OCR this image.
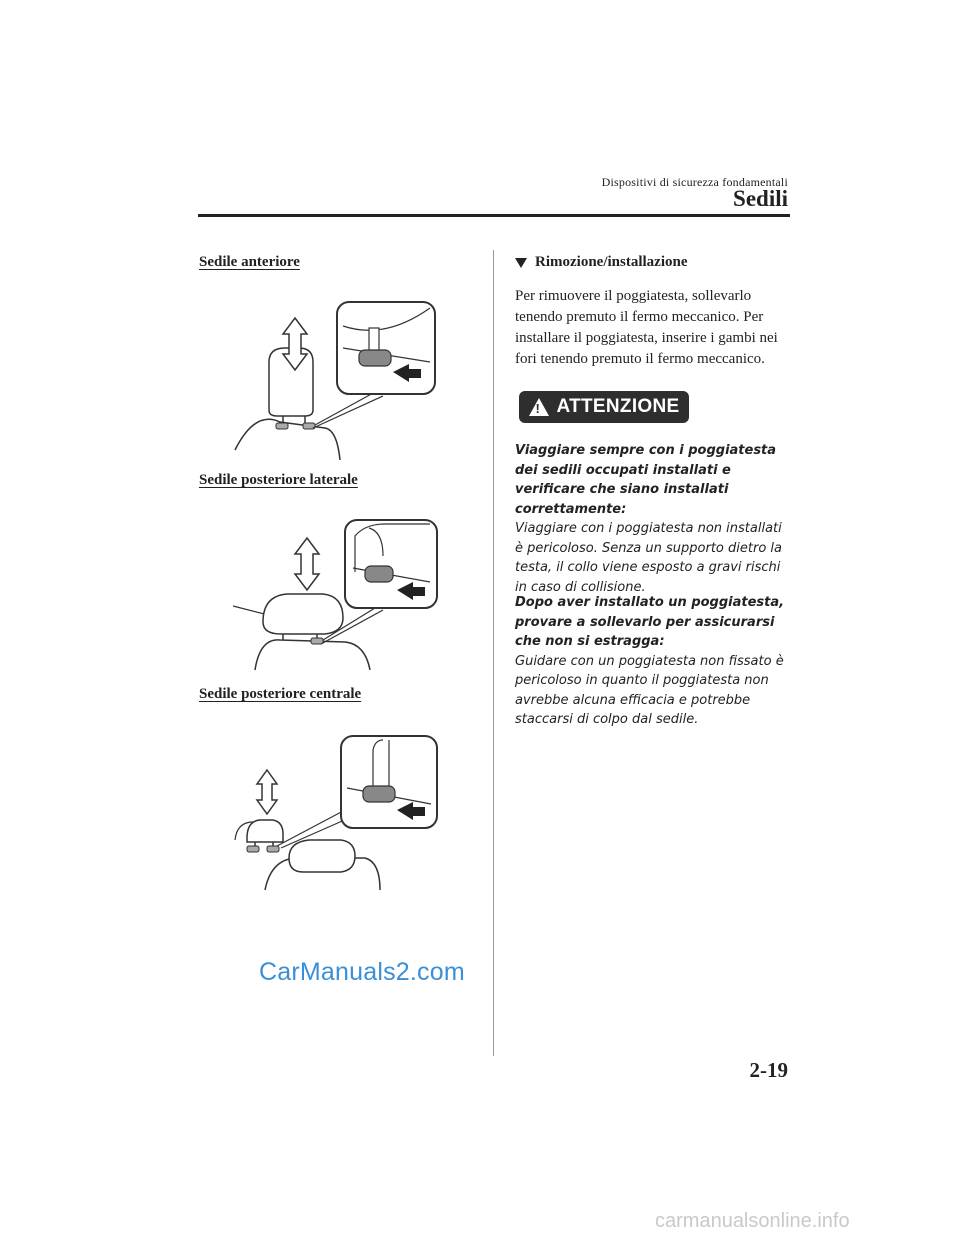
Dispositivi di sicurezza fondamentali
Sedili
Sedile anteriore
Sedile posteriore laterale
Sedile posteriore centrale
Rimozione/installazione

Per rimuovere il poggiatesta, sollevarlo tenendo premuto il fermo meccanico. Per installare il poggiatesta, inserire i gambi nei fori tenendo premuto il fermo meccanico.

! ATTENZIONE

Viaggiare sempre con i poggiatesta dei sedili occupati installati e verificare che siano installati correttamente:
Viaggiare con i poggiatesta non installati è pericoloso. Senza un supporto dietro la testa, il collo viene esposto a gravi rischi in caso di collisione.

Dopo aver installato un poggiatesta, provare a sollevarlo per assicurarsi che non si estragga:
Guidare con un poggiatesta non fissato è pericoloso in quanto il poggiatesta non avrebbe alcuna efficacia e potrebbe staccarsi di colpo dal sedile.

CarManuals2.com
2-19
carmanualsonline.info
